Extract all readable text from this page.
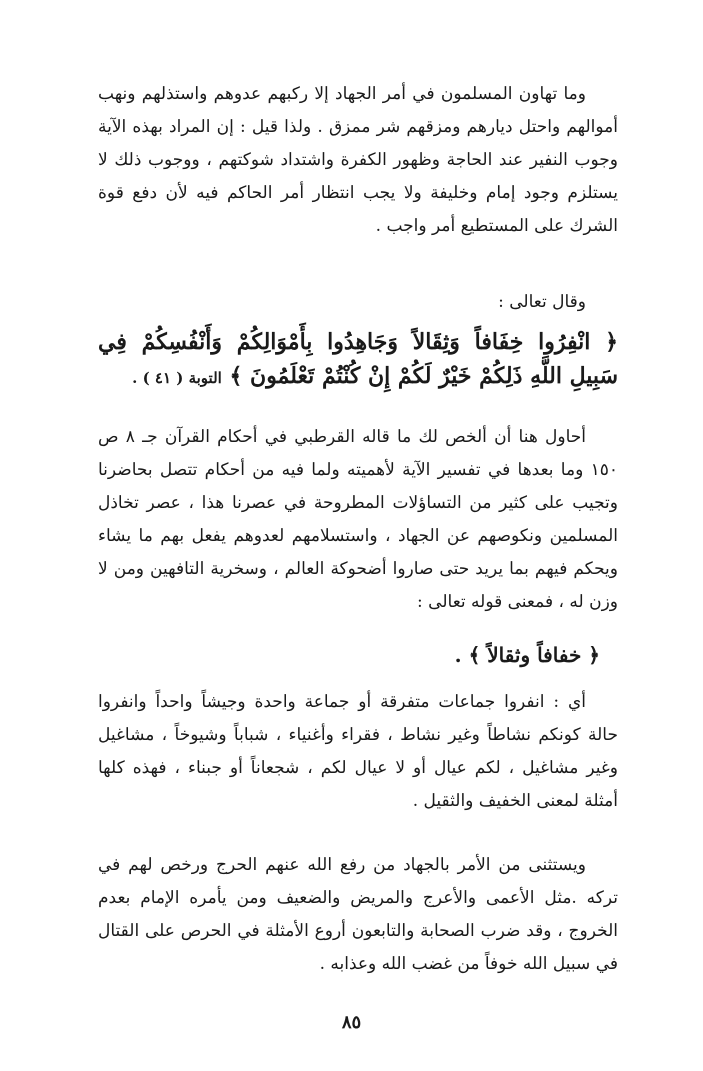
وما تهاون المسلمون في أمر الجهاد إلا ركبهم عدوهم واستذلهم ونهب أموالهم واحتل ديارهم ومزقهم شر ممزق . ولذا قيل : إن المراد بهذه الآية وجوب النفير عند الحاجة وظهور الكفرة واشتداد شوكتهم ، ووجوب ذلك لا يستلزم وجود إمام وخليفة ولا يجب انتظار أمر الحاكم فيه لأن دفع قوة الشرك على المستطيع أمر واجب .

وقال تعالى :

﴿ انْفِرُوا خِفَافاً وَثِقَالاً وَجَاهِدُوا بِأَمْوَالِكُمْ وَأَنْفُسِكُمْ فِي سَبِيلِ اللَّهِ ذَلِكُمْ خَيْرٌ لَكُمْ إِنْ كُنْتُمْ تَعْلَمُونَ ﴾ التوبة ( ٤١ ) .

أحاول هنا أن ألخص لك ما قاله القرطبي في أحكام القرآن جـ ٨ ص ١٥٠ وما بعدها في تفسير الآية لأهميته ولما فيه من أحكام تتصل بحاضرنا وتجيب على كثير من التساؤلات المطروحة في عصرنا هذا ، عصر تخاذل المسلمين ونكوصهم عن الجهاد ، واستسلامهم لعدوهم يفعل بهم ما يشاء ويحكم فيهم بما يريد حتى صاروا أضحوكة العالم ، وسخرية التافهين ومن لا وزن له ، فمعنى قوله تعالى :

﴿ خفافاً وثقالاً ﴾ .

أي : انفروا جماعات متفرقة أو جماعة واحدة وجيشاً واحداً وانفروا حالة كونكم نشاطاً وغير نشاط ، فقراء وأغنياء ، شباباً وشيوخاً ، مشاغيل وغير مشاغيل ، لكم عيال أو لا عيال لكم ، شجعاناً أو جبناء ، فهذه كلها أمثلة لمعنى الخفيف والثقيل .

ويستثنى من الأمر بالجهاد من رفع الله عنهم الحرج ورخص لهم في تركه .مثل الأعمى والأعرج والمريض والضعيف ومن يأمره الإمام بعدم الخروج ، وقد ضرب الصحابة والتابعون أروع الأمثلة في الحرص على القتال في سبيل الله خوفاً من غضب الله وعذابه .

٨٥
